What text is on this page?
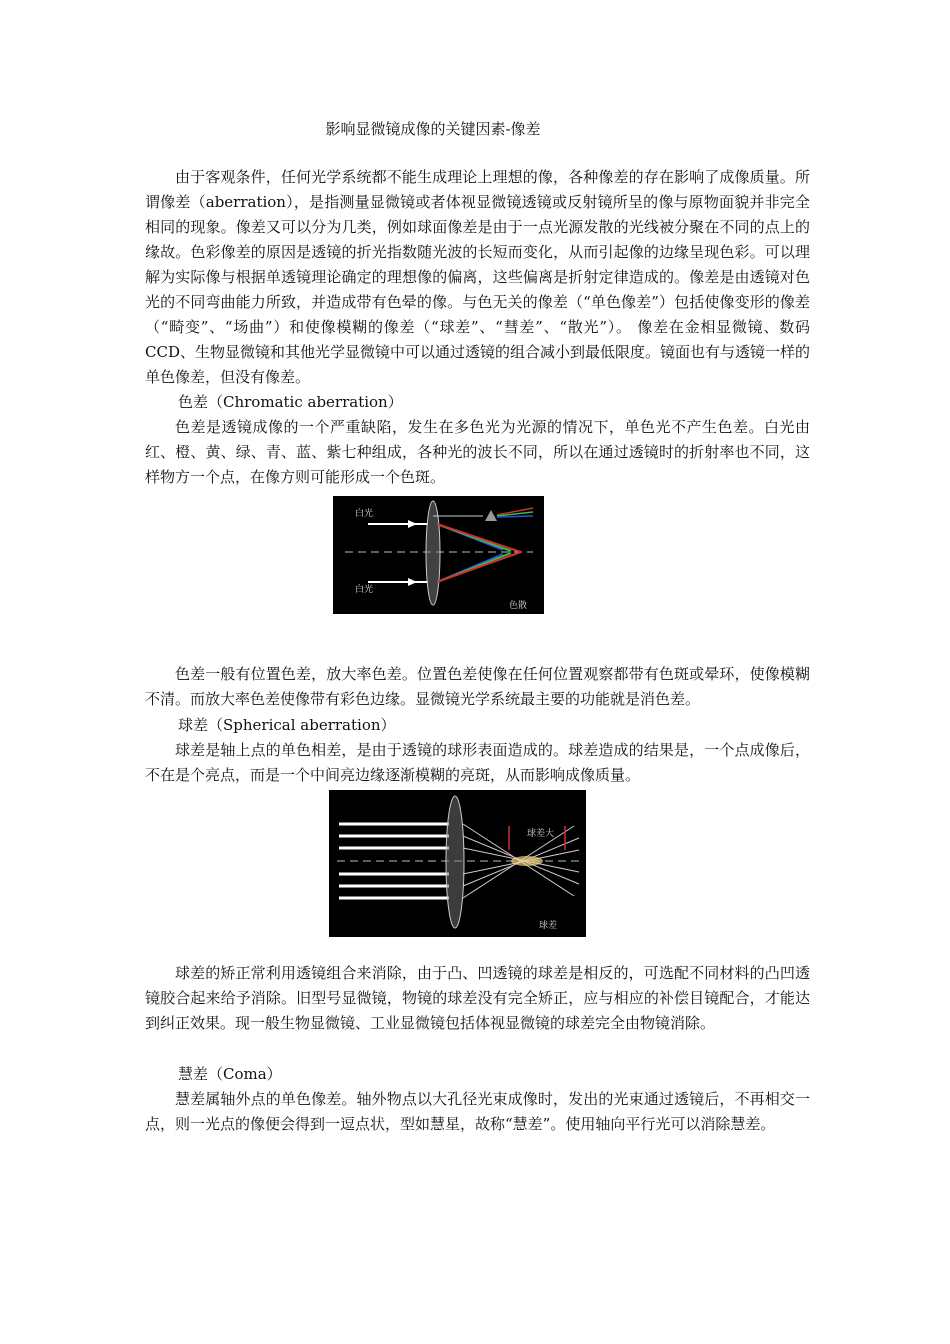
影响显微镜成像的关键因素-像差

由于客观条件，任何光学系统都不能生成理论上理想的像，各种像差的存在影响了成像质量。所谓像差（aberration），是指测量显微镜或者体视显微镜透镜或反射镜所呈的像与原物面貌并非完全相同的现象。像差又可以分为几类，例如球面像差是由于一点光源发散的光线被分聚在不同的点上的缘故。色彩像差的原因是透镜的折光指数随光波的长短而变化，从而引起像的边缘呈现色彩。可以理解为实际像与根据单透镜理论确定的理想像的偏离，这些偏离是折射定律造成的。像差是由透镜对色光的不同弯曲能力所致，并造成带有色晕的像。与色无关的像差（“单色像差”）包括使像变形的像差（“畸变”、“场曲”）和使像模糊的像差（“球差”、“彗差”、“散光”）。 像差在金相显微镜、数码 CCD、生物显微镜和其他光学显微镜中可以通过透镜的组合减小到最低限度。镜面也有与透镜一样的单色像差，但没有像差。

色差（Chromatic aberration）

色差是透镜成像的一个严重缺陷，发生在多色光为光源的情况下，单色光不产生色差。白光由红、橙、黄、绿、青、蓝、紫七种组成，各种光的波长不同，所以在通过透镜时的折射率也不同，这样物方一个点，在像方则可能形成一个色斑。

白光
白光
色散

色差一般有位置色差，放大率色差。位置色差使像在任何位置观察都带有色斑或晕环，使像模糊不清。而放大率色差使像带有彩色边缘。显微镜光学系统最主要的功能就是消色差。

球差（Spherical aberration）

球差是轴上点的单色相差，是由于透镜的球形表面造成的。球差造成的结果是，一个点成像后，不在是个亮点，而是一个中间亮边缘逐渐模糊的亮斑，从而影响成像质量。

球差大
球差

球差的矫正常利用透镜组合来消除，由于凸、凹透镜的球差是相反的，可选配不同材料的凸凹透镜胶合起来给予消除。旧型号显微镜，物镜的球差没有完全矫正，应与相应的补偿目镜配合，才能达到纠正效果。现一般生物显微镜、工业显微镜包括体视显微镜的球差完全由物镜消除。

慧差（Coma）

慧差属轴外点的单色像差。轴外物点以大孔径光束成像时，发出的光束通过透镜后，不再相交一点，则一光点的像便会得到一逗点状，型如慧星，故称“慧差”。使用轴向平行光可以消除慧差。
